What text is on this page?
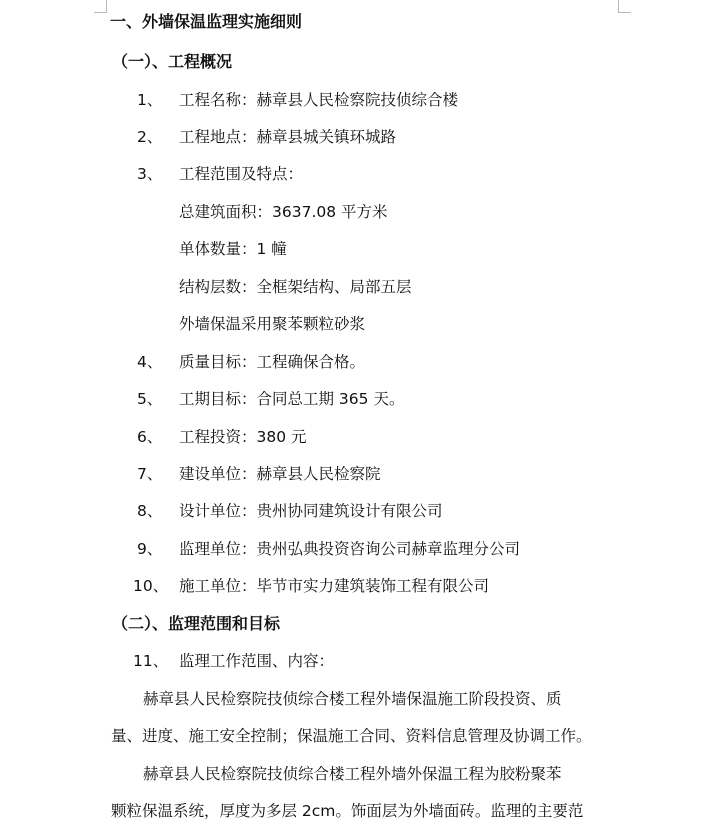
一、外墙保温监理实施细则
（一）、工程概况
1、 工程名称：赫章县人民检察院技侦综合楼
2、 工程地点：赫章县城关镇环城路
3、 工程范围及特点：
总建筑面积：3637.08 平方米
单体数量：1 幢
结构层数：全框架结构、局部五层
外墙保温采用聚苯颗粒砂浆
4、 质量目标：工程确保合格。
5、 工期目标：合同总工期 365 天。
6、 工程投资：380 元
7、 建设单位：赫章县人民检察院
8、 设计单位：贵州协同建筑设计有限公司
9、 监理单位：贵州弘典投资咨询公司赫章监理分公司
10、 施工单位：毕节市实力建筑装饰工程有限公司
（二）、监理范围和目标
11、 监理工作范围、内容：
赫章县人民检察院技侦综合楼工程外墙保温施工阶段投资、质
量、进度、施工安全控制；保温施工合同、资料信息管理及协调工作。
赫章县人民检察院技侦综合楼工程外墙外保温工程为胶粉聚苯
颗粒保温系统，厚度为多层 2cm。饰面层为外墙面砖。监理的主要范
